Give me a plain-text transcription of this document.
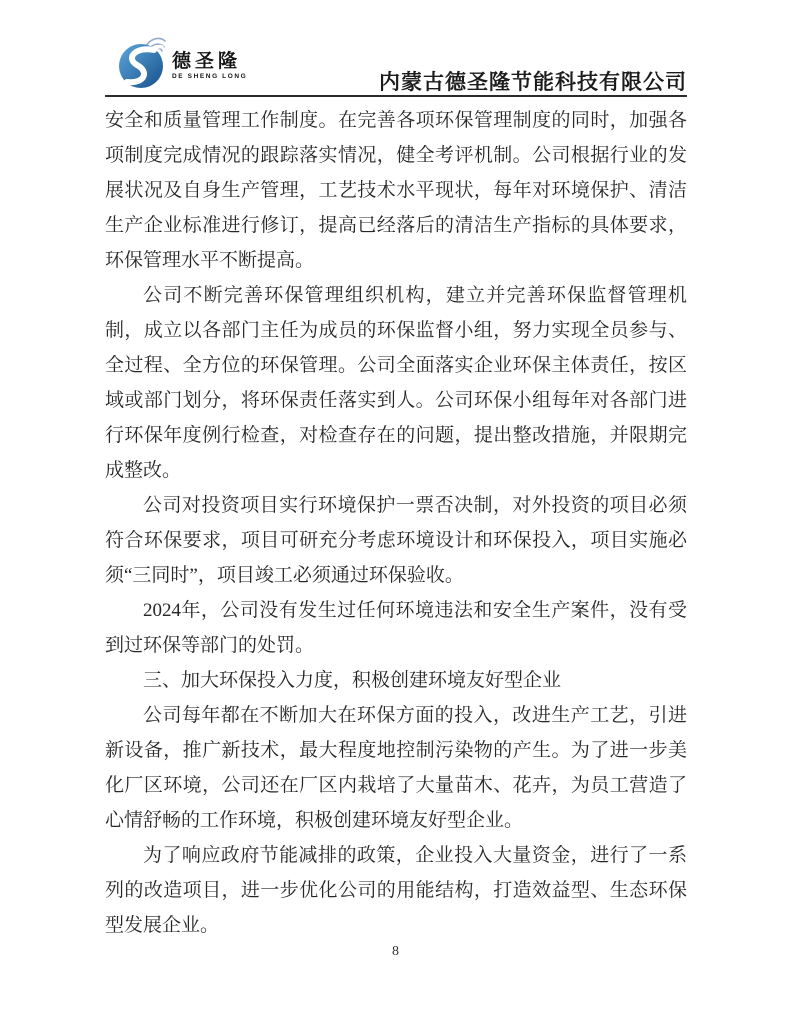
德圣隆
DE SHENG LONG	内蒙古德圣隆节能科技有限公司

安全和质量管理工作制度。在完善各项环保管理制度的同时，加强各项制度完成情况的跟踪落实情况，健全考评机制。公司根据行业的发展状况及自身生产管理，工艺技术水平现状，每年对环境保护、清洁生产企业标准进行修订，提高已经落后的清洁生产指标的具体要求，环保管理水平不断提高。

公司不断完善环保管理组织机构，建立并完善环保监督管理机制，成立以各部门主任为成员的环保监督小组，努力实现全员参与、全过程、全方位的环保管理。公司全面落实企业环保主体责任，按区域或部门划分，将环保责任落实到人。公司环保小组每年对各部门进行环保年度例行检查，对检查存在的问题，提出整改措施，并限期完成整改。

公司对投资项目实行环境保护一票否决制，对外投资的项目必须符合环保要求，项目可研充分考虑环境设计和环保投入，项目实施必须“三同时”，项目竣工必须通过环保验收。

2024年，公司没有发生过任何环境违法和安全生产案件，没有受到过环保等部门的处罚。

三、加大环保投入力度，积极创建环境友好型企业

公司每年都在不断加大在环保方面的投入，改进生产工艺，引进新设备，推广新技术，最大程度地控制污染物的产生。为了进一步美化厂区环境，公司还在厂区内栽培了大量苗木、花卉，为员工营造了心情舒畅的工作环境，积极创建环境友好型企业。

为了响应政府节能减排的政策，企业投入大量资金，进行了一系列的改造项目，进一步优化公司的用能结构，打造效益型、生态环保型发展企业。

8
